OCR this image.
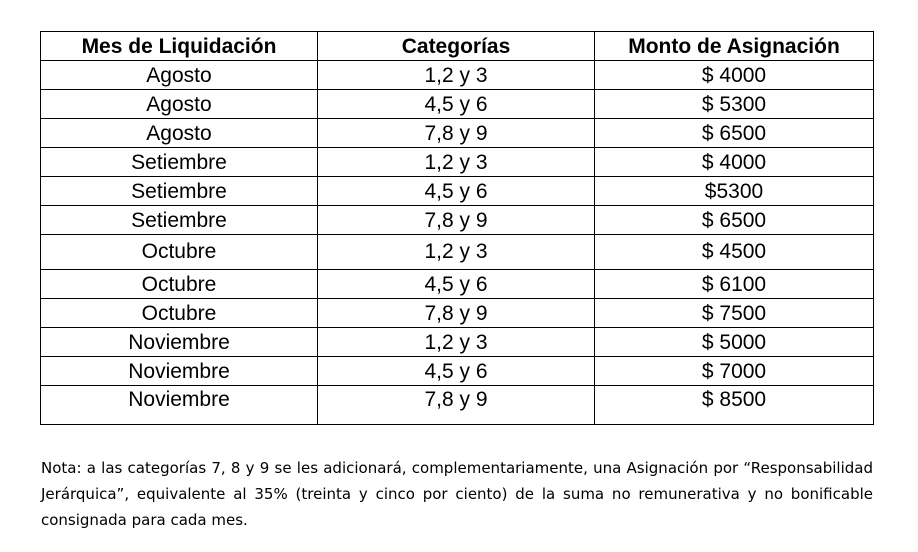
Mes de Liquidación	Categorías	Monto de Asignación
Agosto	1,2 y 3	$ 4000
Agosto	4,5 y 6	$ 5300
Agosto	7,8 y 9	$ 6500
Setiembre	1,2 y 3	$ 4000
Setiembre	4,5 y 6	$5300
Setiembre	7,8 y 9	$ 6500
Octubre	1,2 y 3	$ 4500
Octubre	4,5 y 6	$ 6100
Octubre	7,8 y 9	$ 7500
Noviembre	1,2 y 3	$ 5000
Noviembre	4,5 y 6	$ 7000
Noviembre	7,8 y 9	$ 8500

Nota: a las categorías 7, 8 y 9 se les adicionará, complementariamente, una Asignación por “Responsabilidad Jerárquica”, equivalente al 35% (treinta y cinco por ciento) de la suma no remunerativa y no bonificable consignada para cada mes.
